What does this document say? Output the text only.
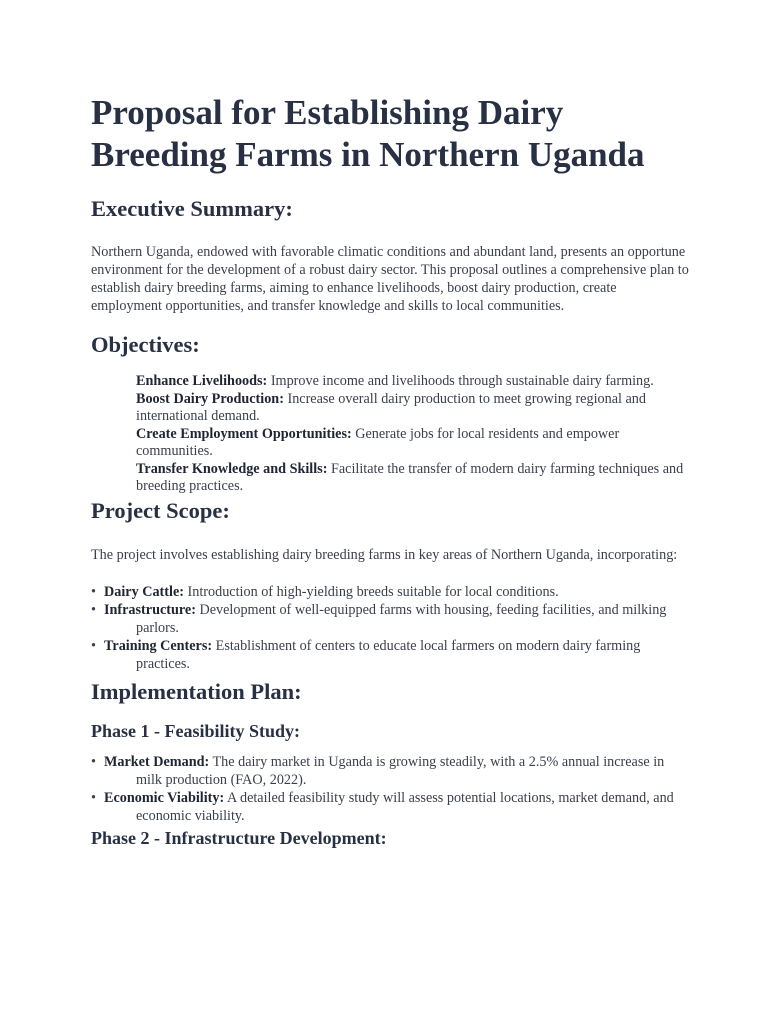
Proposal for Establishing Dairy Breeding Farms in Northern Uganda
Executive Summary:

Northern Uganda, endowed with favorable climatic conditions and abundant land, presents an opportune environment for the development of a robust dairy sector. This proposal outlines a comprehensive plan to establish dairy breeding farms, aiming to enhance livelihoods, boost dairy production, create employment opportunities, and transfer knowledge and skills to local communities.

Objectives:
Enhance Livelihoods: Improve income and livelihoods through sustainable dairy farming.
Boost Dairy Production: Increase overall dairy production to meet growing regional and international demand.
Create Employment Opportunities: Generate jobs for local residents and empower communities.
Transfer Knowledge and Skills: Facilitate the transfer of modern dairy farming techniques and breeding practices.
Project Scope:

The project involves establishing dairy breeding farms in key areas of Northern Uganda, incorporating:

• Dairy Cattle: Introduction of high-yielding breeds suitable for local conditions.
• Infrastructure: Development of well-equipped farms with housing, feeding facilities, and milking parlors.
• Training Centers: Establishment of centers to educate local farmers on modern dairy farming practices.
Implementation Plan:
Phase 1 - Feasibility Study:
• Market Demand: The dairy market in Uganda is growing steadily, with a 2.5% annual increase in milk production (FAO, 2022).
• Economic Viability: A detailed feasibility study will assess potential locations, market demand, and economic viability.
Phase 2 - Infrastructure Development:
